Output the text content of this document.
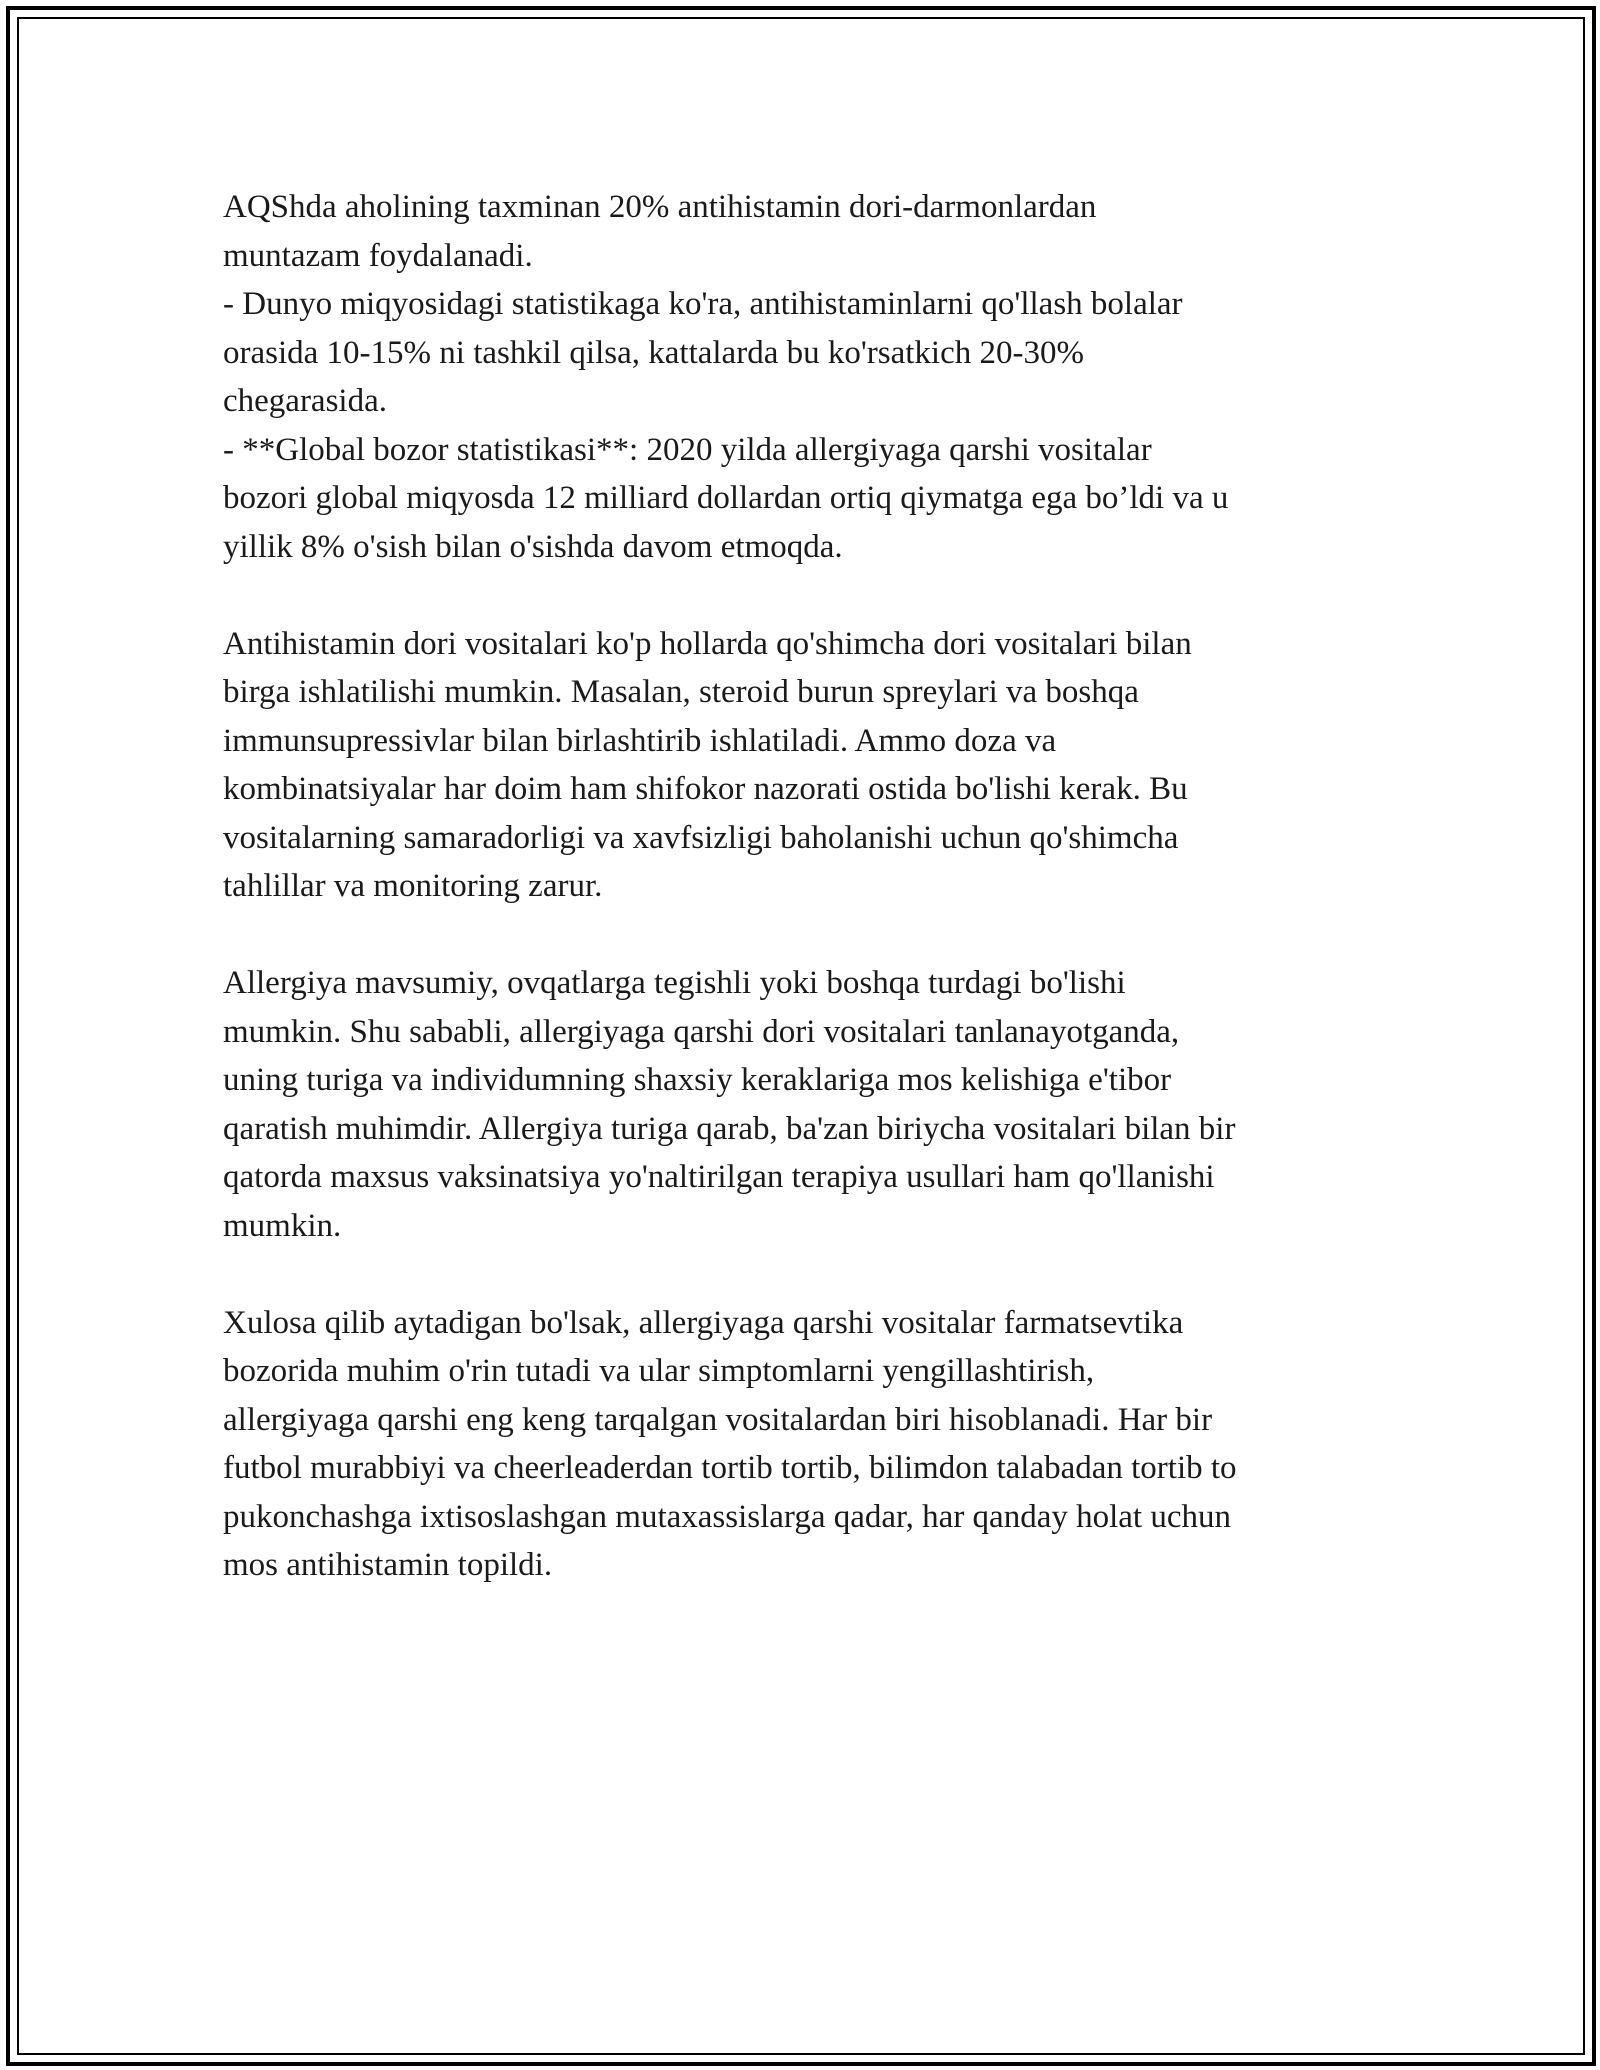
AQShda aholining taxminan 20% antihistamin dori-darmonlardan
muntazam foydalanadi.
- Dunyo miqyosidagi statistikaga ko'ra, antihistaminlarni qo'llash bolalar
orasida 10-15% ni tashkil qilsa, kattalarda bu ko'rsatkich 20-30%
chegarasida.
- **Global bozor statistikasi**: 2020 yilda allergiyaga qarshi vositalar
bozori global miqyosda 12 milliard dollardan ortiq qiymatga ega bo’ldi va u
yillik 8% o'sish bilan o'sishda davom etmoqda.

Antihistamin dori vositalari ko'p hollarda qo'shimcha dori vositalari bilan
birga ishlatilishi mumkin. Masalan, steroid burun spreylari va boshqa
immunsupressivlar bilan birlashtirib ishlatiladi. Ammo doza va
kombinatsiyalar har doim ham shifokor nazorati ostida bo'lishi kerak. Bu
vositalarning samaradorligi va xavfsizligi baholanishi uchun qo'shimcha
tahlillar va monitoring zarur.

Allergiya mavsumiy, ovqatlarga tegishli yoki boshqa turdagi bo'lishi
mumkin. Shu sababli, allergiyaga qarshi dori vositalari tanlanayotganda,
uning turiga va individumning shaxsiy keraklariga mos kelishiga e'tibor
qaratish muhimdir. Allergiya turiga qarab, ba'zan biriycha vositalari bilan bir
qatorda maxsus vaksinatsiya yo'naltirilgan terapiya usullari ham qo'llanishi
mumkin.

Xulosa qilib aytadigan bo'lsak, allergiyaga qarshi vositalar farmatsevtika
bozorida muhim o'rin tutadi va ular simptomlarni yengillashtirish,
allergiyaga qarshi eng keng tarqalgan vositalardan biri hisoblanadi. Har bir
futbol murabbiyi va cheerleaderdan tortib tortib, bilimdon talabadan tortib to
pukonchashga ixtisoslashgan mutaxassislarga qadar, har qanday holat uchun
mos antihistamin topildi.
